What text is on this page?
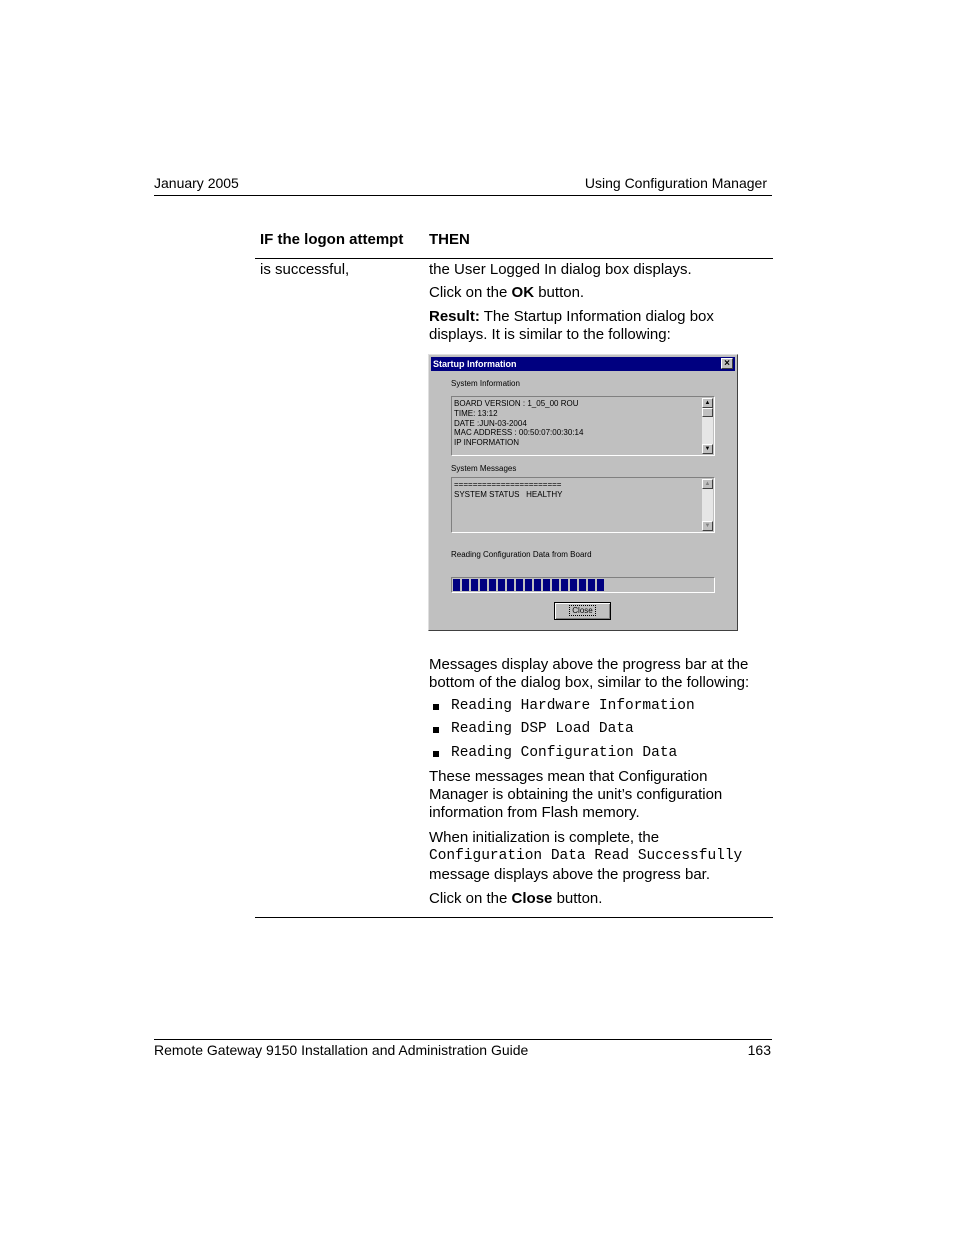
January 2005	Using Configuration Manager
IF the logon attempt THEN
is successful,	the User Logged In dialog box displays.
Click on the OK button.
Result: The Startup Information dialog box
displays. It is similar to the following:
Startup Information	×
System Information
BOARD VERSION : 1_05_00 ROU
TIME: 13:12
DATE :JUN-03-2004
MAC ADDRESS : 00:50:07:00:30:14
IP INFORMATION
▲
▼
System Messages
=======================
SYSTEM STATUS   HEALTHY
▲
▼
Reading Configuration Data from Board
Close
Messages display above the progress bar at the
bottom of the dialog box, similar to the following:
Reading Hardware Information
Reading DSP Load Data
Reading Configuration Data
These messages mean that Configuration
Manager is obtaining the unit’s configuration
information from Flash memory.
When initialization is complete, the
Configuration Data Read Successfully
message displays above the progress bar.
Click on the Close button.
Remote Gateway 9150 Installation and Administration Guide	163
